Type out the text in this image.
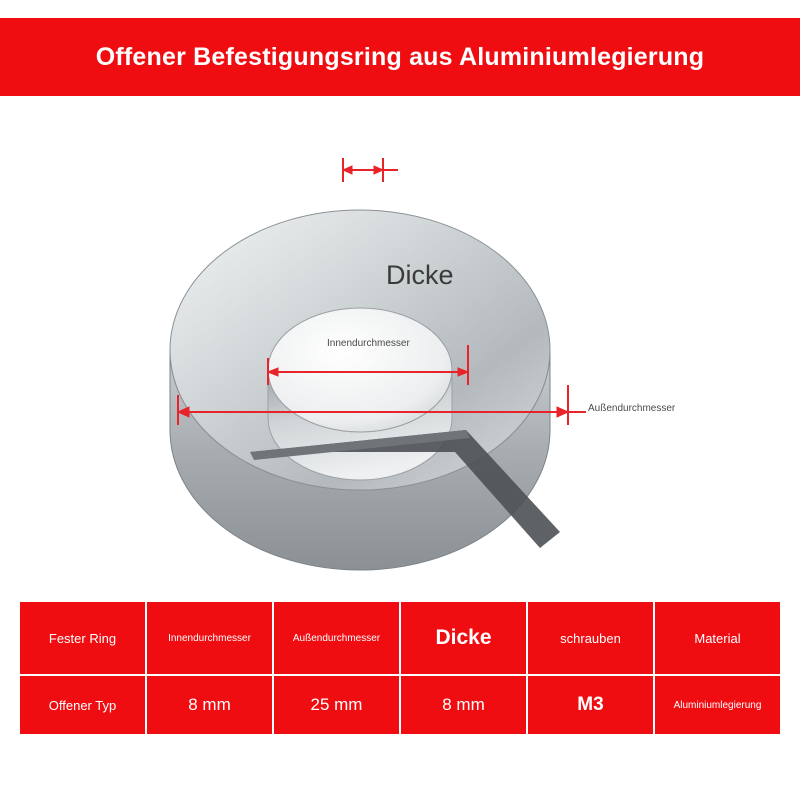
Offener Befestigungsring aus Aluminiumlegierung
Dicke
Innendurchmesser
Außendurchmesser
Fester Ring	Innendurchmesser	Außendurchmesser	Dicke	schrauben	Material
Offener Typ	8 mm	25 mm	8 mm	M3	Aluminiumlegierung
